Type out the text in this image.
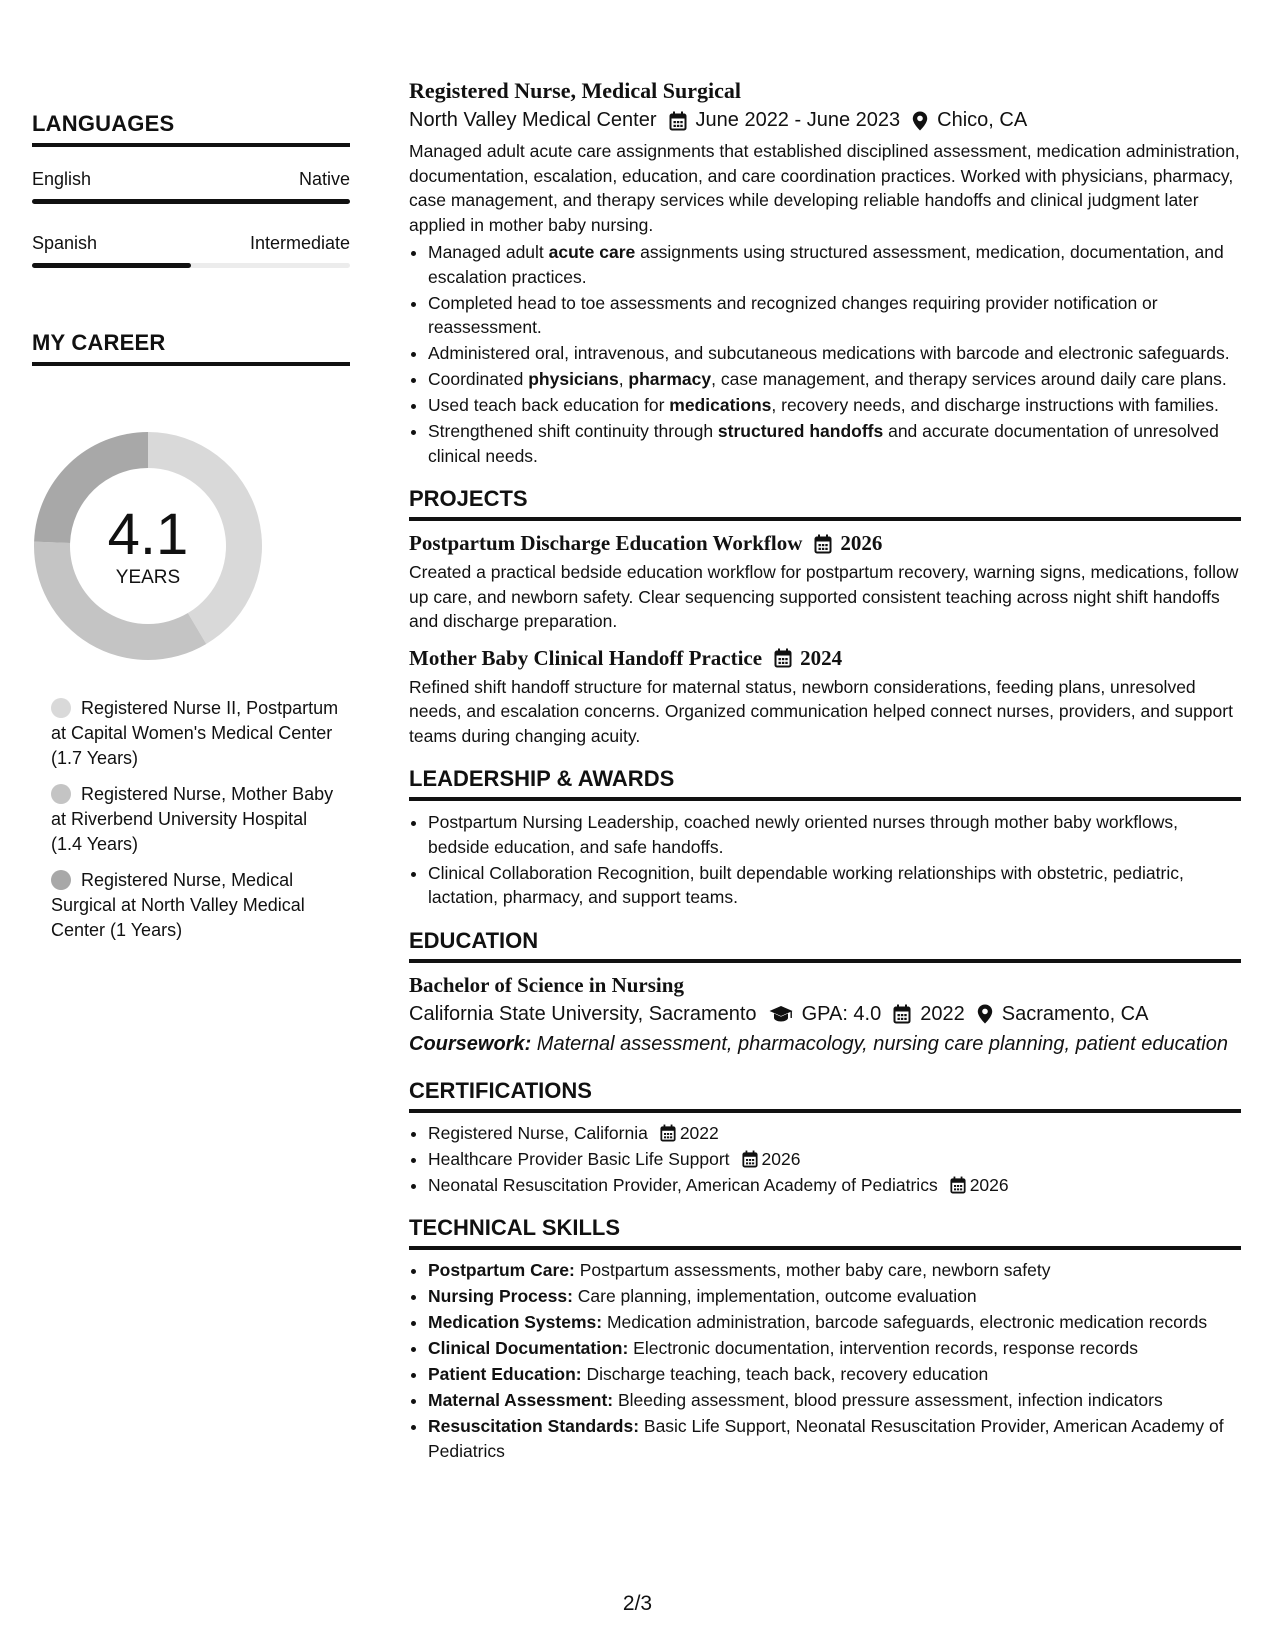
LANGUAGES
English	Native
Spanish	Intermediate
MY CAREER
4.1
YEARS
Registered Nurse II, Postpartum at Capital Women's Medical Center (1.7 Years)
Registered Nurse, Mother Baby at Riverbend University Hospital (1.4 Years)
Registered Nurse, Medical Surgical at North Valley Medical Center (1 Years)
Registered Nurse, Medical Surgical
North Valley Medical Center June 2022 - June 2023 Chico, CA
Managed adult acute care assignments that established disciplined assessment, medication administration, documentation, escalation, education, and care coordination practices. Worked with physicians, pharmacy, case management, and therapy services while developing reliable handoffs and clinical judgment later applied in mother baby nursing.
• Managed adult acute care assignments using structured assessment, medication, documentation, and escalation practices.
• Completed head to toe assessments and recognized changes requiring provider notification or reassessment.
• Administered oral, intravenous, and subcutaneous medications with barcode and electronic safeguards.
• Coordinated physicians, pharmacy, case management, and therapy services around daily care plans.
• Used teach back education for medications, recovery needs, and discharge instructions with families.
• Strengthened shift continuity through structured handoffs and accurate documentation of unresolved clinical needs.
PROJECTS
Postpartum Discharge Education Workflow 2026
Created a practical bedside education workflow for postpartum recovery, warning signs, medications, follow up care, and newborn safety. Clear sequencing supported consistent teaching across night shift handoffs and discharge preparation.
Mother Baby Clinical Handoff Practice 2024
Refined shift handoff structure for maternal status, newborn considerations, feeding plans, unresolved needs, and escalation concerns. Organized communication helped connect nurses, providers, and support teams during changing acuity.
LEADERSHIP & AWARDS
• Postpartum Nursing Leadership, coached newly oriented nurses through mother baby workflows, bedside education, and safe handoffs.
• Clinical Collaboration Recognition, built dependable working relationships with obstetric, pediatric, lactation, pharmacy, and support teams.
EDUCATION
Bachelor of Science in Nursing
California State University, Sacramento GPA: 4.0 2022 Sacramento, CA
Coursework: Maternal assessment, pharmacology, nursing care planning, patient education
CERTIFICATIONS
• Registered Nurse, California 2022
• Healthcare Provider Basic Life Support 2026
• Neonatal Resuscitation Provider, American Academy of Pediatrics 2026
TECHNICAL SKILLS
• Postpartum Care: Postpartum assessments, mother baby care, newborn safety
• Nursing Process: Care planning, implementation, outcome evaluation
• Medication Systems: Medication administration, barcode safeguards, electronic medication records
• Clinical Documentation: Electronic documentation, intervention records, response records
• Patient Education: Discharge teaching, teach back, recovery education
• Maternal Assessment: Bleeding assessment, blood pressure assessment, infection indicators
• Resuscitation Standards: Basic Life Support, Neonatal Resuscitation Provider, American Academy of Pediatrics
2/3
